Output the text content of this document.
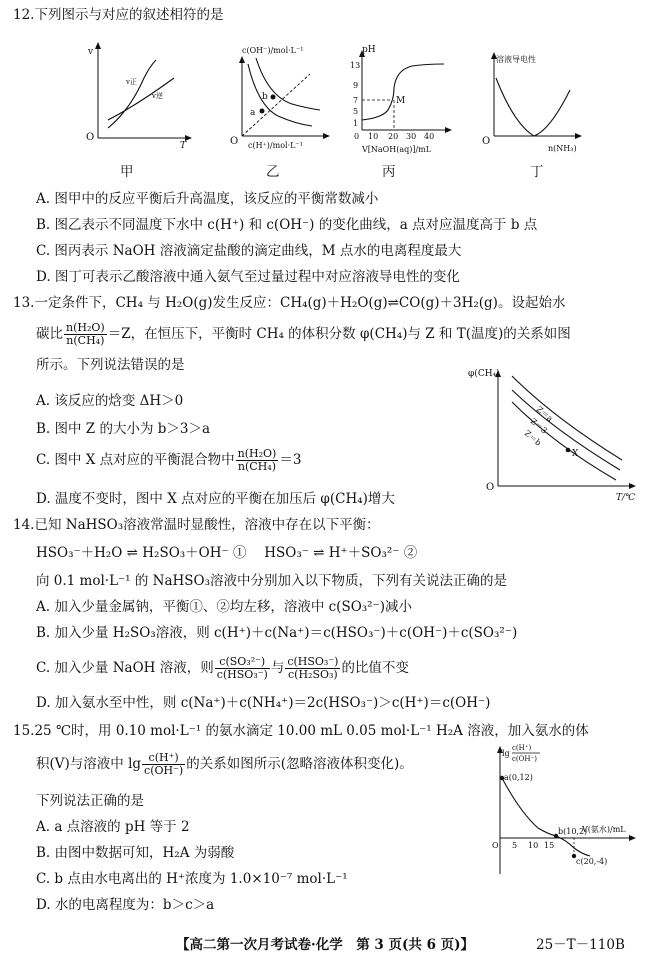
12.下列图示与对应的叙述相符的是
v
v正
v逆
O
T
a
b
c(OH⁻)/mol·L⁻¹
O c(H⁺)/mol·L⁻¹
pH
13
9
7
5
1
M
0 10 20 30 40
V[NaOH(aq)]/mL
溶液导电性
O
n(NH₃)
甲	乙	丙	丁
A. 图甲中的反应平衡后升高温度，该反应的平衡常数减小
B. 图乙表示不同温度下水中 c(H⁺) 和 c(OH⁻) 的变化曲线，a 点对应温度高于 b 点
C. 图丙表示 NaOH 溶液滴定盐酸的滴定曲线，M 点水的电离程度最大
D. 图丁可表示乙酸溶液中通入氨气至过量过程中对应溶液导电性的变化
13.一定条件下，CH₄ 与 H₂O(g)发生反应：CH₄(g)＋H₂O(g)⇌CO(g)＋3H₂(g)。设起始水
碳比 $\frac{\text{n(H₂O)}}{\text{n(CH₄)}} =Z$，在恒压下，平衡时 CH₄ 的体积分数 φ(CH₄)与 Z 和 T(温度)的关系如图
所示。下列说法错误的是
A. 该反应的焓变 ΔH＞0
B. 图中 Z 的大小为 b＞3＞a
C. 图中 X 点对应的平衡混合物中 $\frac{\text{n(H₂O)}}{\text{n(CH₄)}} =3$
D. 温度不变时，图中 X 点对应的平衡在加压后 φ(CH₄)增大
φ(CH₄)
Z＝a
Z＝3
Z＝b
X
O
T/℃
14.已知 NaHSO₃溶液常温时显酸性，溶液中存在以下平衡：
HSO₃⁻＋H₂O ⇌ H₂SO₃＋OH⁻ ①　 HSO₃⁻ ⇌ H⁺＋SO₃²⁻ ②
向 0.1 mol·L⁻¹ 的 NaHSO₃溶液中分别加入以下物质，下列有关说法正确的是
A. 加入少量金属钠，平衡①、②均左移，溶液中 c(SO₃²⁻)减小
B. 加入少量 H₂SO₃溶液，则 c(H⁺)＋c(Na⁺)＝c(HSO₃⁻)＋c(OH⁻)＋c(SO₃²⁻)
C. 加入少量 NaOH 溶液，则 $\frac{\text{c(SO₃²⁻)}}{\text{c(HSO₃⁻)}}$ 与 $\frac{\text{c(HSO₃⁻)}}{\text{c(H₂SO₃)}}$ 的比值不变
D. 加入氨水至中性，则 c(Na⁺)＋c(NH₄⁺)＝2c(HSO₃⁻)＞c(H⁺)＝c(OH⁻)
15.25 ℃时，用 0.10 mol·L⁻¹ 的氨水滴定 10.00 mL 0.05 mol·L⁻¹ H₂A 溶液，加入氨水的体
积(V)与溶液中 $\lg \frac{c(H^+)}{c(OH^-)}$ 的关系如图所示(忽略溶液体积变化)。
下列说法正确的是
A. a 点溶液的 pH 等于 2
B. 由图中数据可知，H₂A 为弱酸
C. b 点由水电离出的 H⁺浓度为 1.0×10⁻⁷ mol·L⁻¹
D. 水的电离程度为：b＞c＞a
lg
c(H⁺)
c(OH⁻)
a(0,12)
b(10,2)
c(20,-4)
V(氨水)/mL
O 5 10 15
【高二第一次月考试卷·化学　第 3 页(共 6 页)】	25－T－110B
